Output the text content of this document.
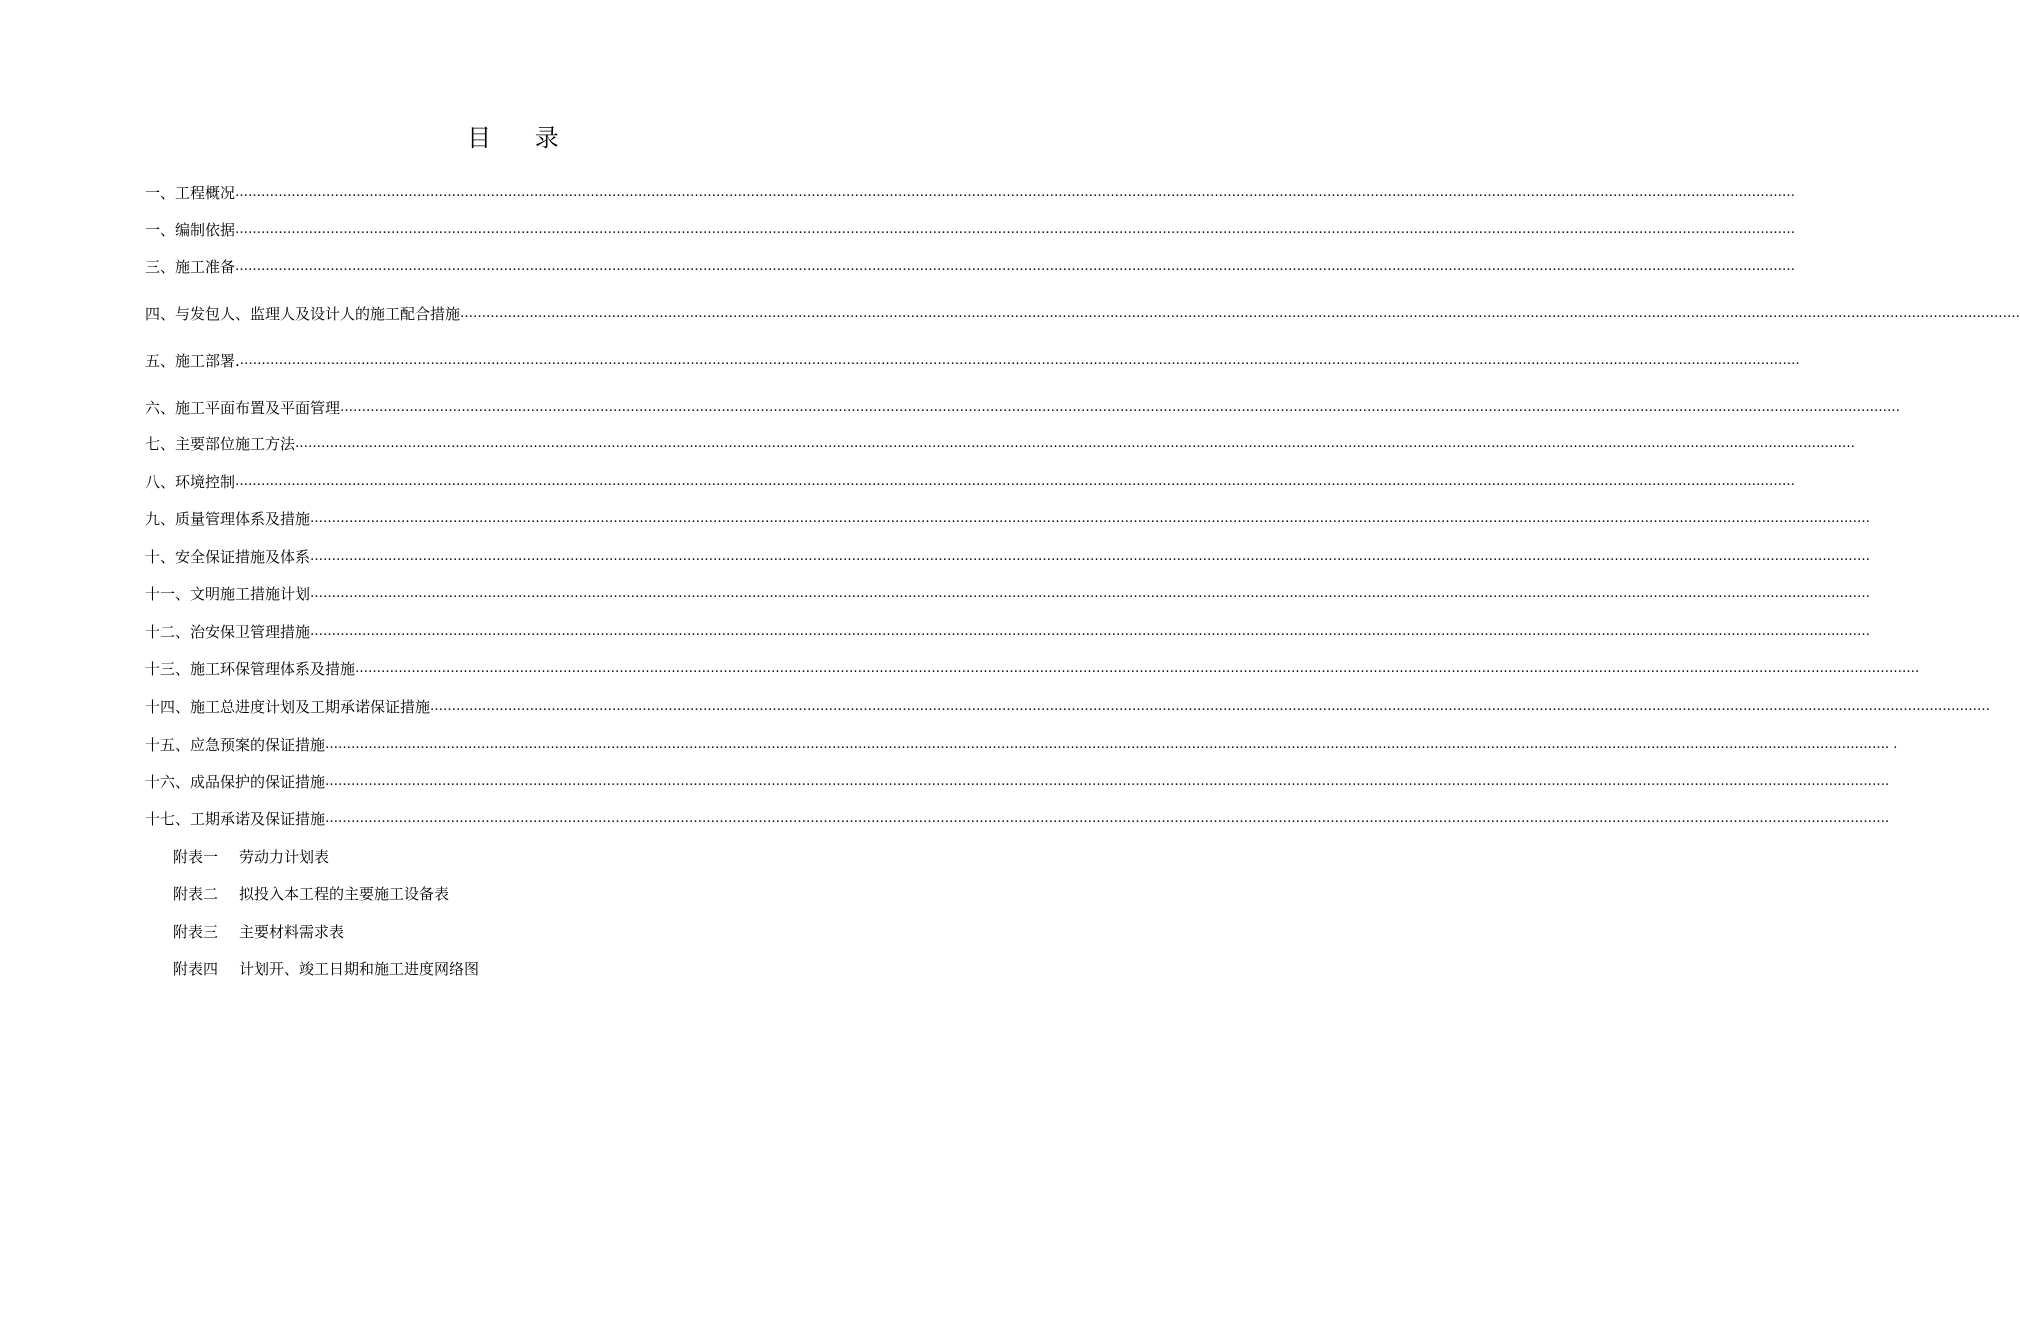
目 录
一、工程概况 ………………………………………………………………………………………………………………………………………………………………………………………………………………………………………………………………………………………………………………………………
一、编制依据 ………………………………………………………………………………………………………………………………………………………………………………………………………………………………………………………………………………………………………………………………
三、施工准备 ………………………………………………………………………………………………………………………………………………………………………………………………………………………………………………………………………………………………………………………………
四、与发包人、监理人及设计人的施工配合措施 ………………………………………………………………………………………………………………………………………………………………………………………………………………………………………………………………………………………………………………………………
五、施工部署. ………………………………………………………………………………………………………………………………………………………………………………………………………………………………………………………………………………………………………………………………
六、施工平面布置及平面管理 ………………………………………………………………………………………………………………………………………………………………………………………………………………………………………………………………………………………………………………………………
七、主要部位施工方法 ………………………………………………………………………………………………………………………………………………………………………………………………………………………………………………………………………………………………………………………………
八、环境控制 ………………………………………………………………………………………………………………………………………………………………………………………………………………………………………………………………………………………………………………………………
九、质量管理体系及措施 ………………………………………………………………………………………………………………………………………………………………………………………………………………………………………………………………………………………………………………………………
十、安全保证措施及体系 ………………………………………………………………………………………………………………………………………………………………………………………………………………………………………………………………………………………………………………………………
十一、文明施工措施计划 ………………………………………………………………………………………………………………………………………………………………………………………………………………………………………………………………………………………………………………………………
十二、治安保卫管理措施 ………………………………………………………………………………………………………………………………………………………………………………………………………………………………………………………………………………………………………………………………
十三、施工环保管理体系及措施 ……………………………………………………………………………………………………………………………………………………………………………………………………………………………………………………………………………………………………………………………… .
十四、施工总进度计划及工期承诺保证措施 ………………………………………………………………………………………………………………………………………………………………………………………………………………………………………………………………………………………………………………………………
十五、应急预案的保证措施 ……………………………………………………………………………………………………………………………………………………………………………………………………………………………………………………………………………………………………………………………… . .
十六、成品保护的保证措施 ……………………………………………………………………………………………………………………………………………………………………………………………………………………………………………………………………………………………………………………………… .
十七、工期承诺及保证措施 ……………………………………………………………………………………………………………………………………………………………………………………………………………………………………………………………………………………………………………………………… .
附表一 劳动力计划表
附表二 拟投入本工程的主要施工设备表
附表三 主要材料需求表
附表四 计划开、竣工日期和施工进度网络图
